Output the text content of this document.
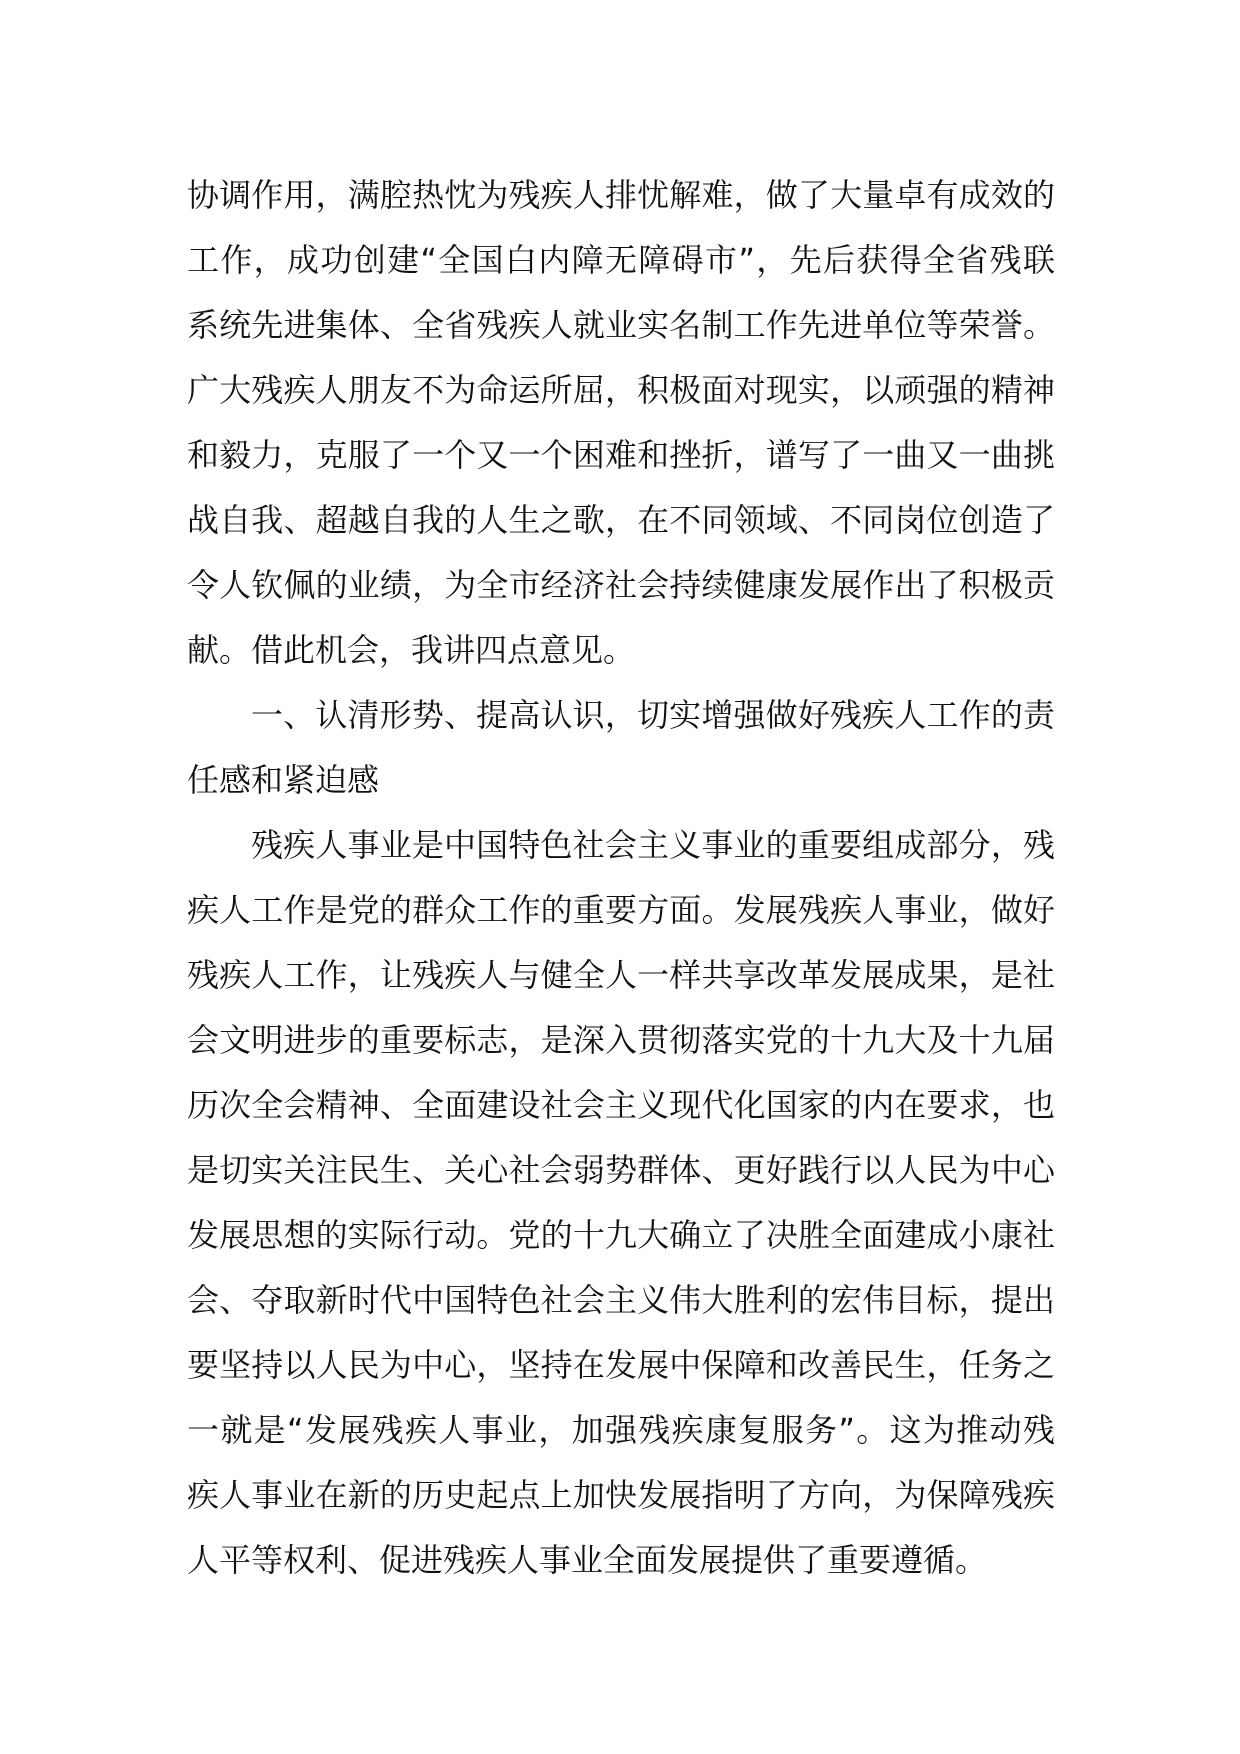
协调作用，满腔热忱为残疾人排忧解难，做了大量卓有成效的
工作，成功创建“全国白内障无障碍市”，先后获得全省残联
系统先进集体、全省残疾人就业实名制工作先进单位等荣誉。
广大残疾人朋友不为命运所屈，积极面对现实，以顽强的精神
和毅力，克服了一个又一个困难和挫折，谱写了一曲又一曲挑
战自我、超越自我的人生之歌，在不同领域、不同岗位创造了
令人钦佩的业绩，为全市经济社会持续健康发展作出了积极贡
献。借此机会，我讲四点意见。
一、认清形势、提高认识，切实增强做好残疾人工作的责
任感和紧迫感
残疾人事业是中国特色社会主义事业的重要组成部分，残
疾人工作是党的群众工作的重要方面。发展残疾人事业，做好
残疾人工作，让残疾人与健全人一样共享改革发展成果，是社
会文明进步的重要标志，是深入贯彻落实党的十九大及十九届
历次全会精神、全面建设社会主义现代化国家的内在要求，也
是切实关注民生、关心社会弱势群体、更好践行以人民为中心
发展思想的实际行动。党的十九大确立了决胜全面建成小康社
会、夺取新时代中国特色社会主义伟大胜利的宏伟目标，提出
要坚持以人民为中心，坚持在发展中保障和改善民生，任务之
一就是“发展残疾人事业，加强残疾康复服务”。这为推动残
疾人事业在新的历史起点上加快发展指明了方向，为保障残疾
人平等权利、促进残疾人事业全面发展提供了重要遵循。
